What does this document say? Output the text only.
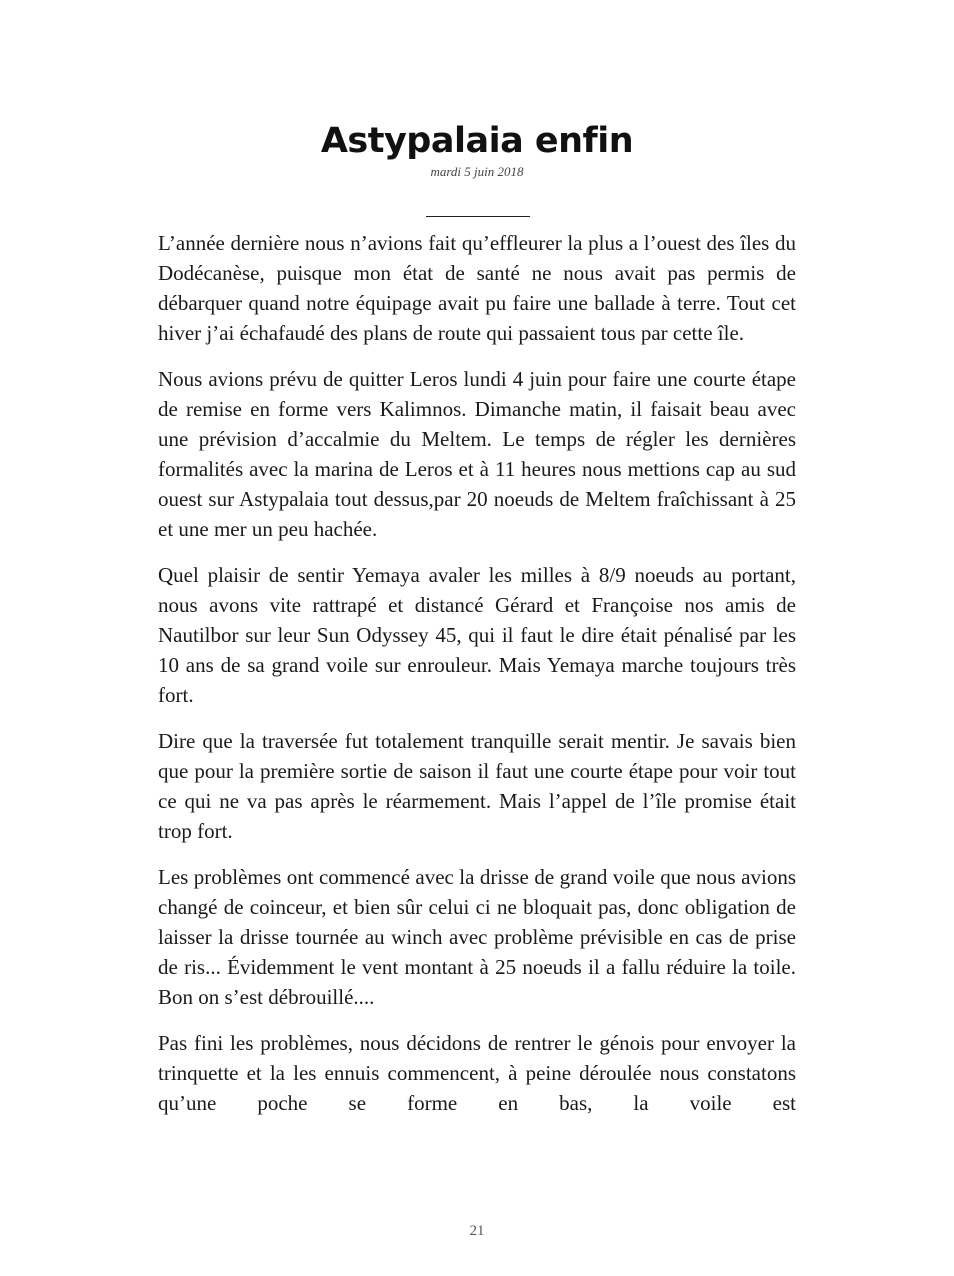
Astypalaia enfin
mardi 5 juin 2018

L’année dernière nous n’avions fait qu’effleurer la plus a l’ouest des îles du Dodécanèse, puisque mon état de santé ne nous avait pas permis de débarquer quand notre équipage avait pu faire une ballade à terre. Tout cet hiver j’ai échafaudé des plans de route qui passaient tous par cette île.

Nous avions prévu de quitter Leros lundi 4 juin pour faire une courte étape de remise en forme vers Kalimnos. Dimanche matin, il faisait beau avec une prévision d’accalmie du Meltem. Le temps de régler les dernières formalités avec la marina de Leros et à 11 heures nous mettions cap au sud ouest sur Astypalaia tout dessus,par 20 noeuds de Meltem fraîchissant à 25 et une mer un peu hachée.

Quel plaisir de sentir Yemaya avaler les milles à 8/9 noeuds au portant, nous avons vite rattrapé et distancé Gérard et Françoise nos amis de Nautilbor sur leur Sun Odyssey 45, qui il faut le dire était pénalisé par les 10 ans de sa grand voile sur enrouleur. Mais Yemaya marche toujours très fort.

Dire que la traversée fut totalement tranquille serait mentir. Je savais bien que pour la première sortie de saison il faut une courte étape pour voir tout ce qui ne va pas après le réarmement. Mais l’appel de l’île promise était trop fort.

Les problèmes ont commencé avec la drisse de grand voile que nous avions changé de coinceur, et bien sûr celui ci ne bloquait pas, donc obligation de laisser la drisse tournée au winch avec problème prévisible en cas de prise de ris... Évidemment le vent montant à 25 noeuds il a fallu réduire la toile. Bon on s’est débrouillé....

Pas fini les problèmes, nous décidons de rentrer le génois pour envoyer la trinquette et la les ennuis commencent, à peine déroulée nous constatons qu’une poche se forme en bas, la voile est

21
